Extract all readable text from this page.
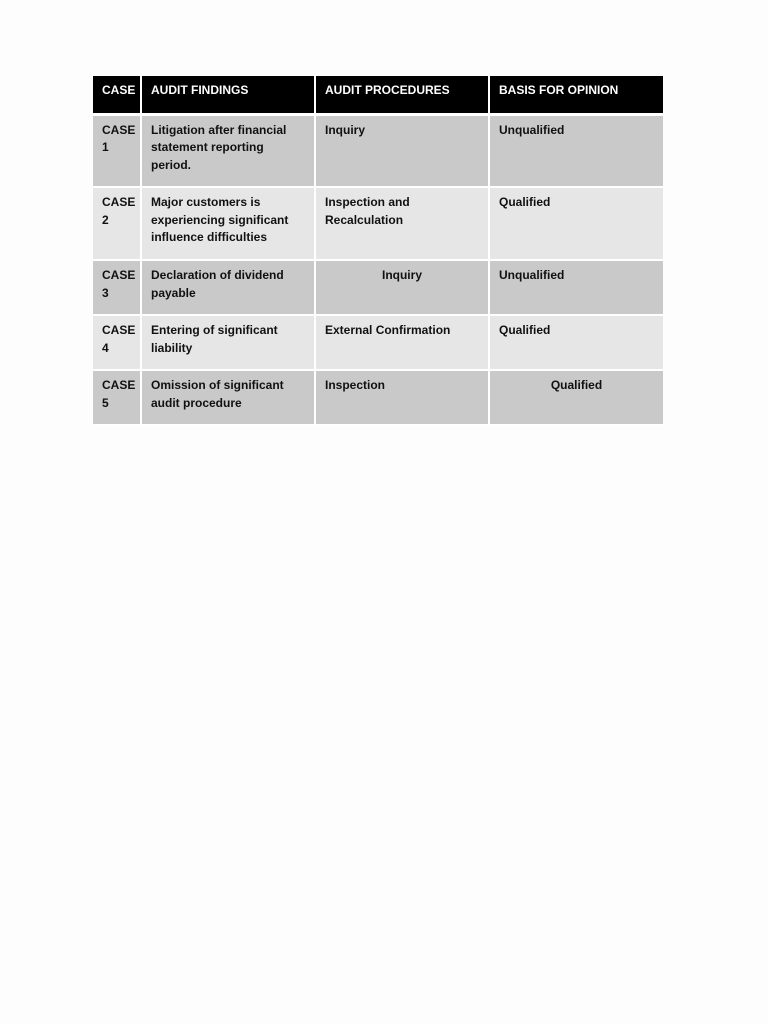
CASE	AUDIT FINDINGS	AUDIT PROCEDURES	BASIS FOR OPINION
CASE 1	Litigation after financial statement reporting period.	Inquiry	Unqualified
CASE 2	Major customers is experiencing significant influence difficulties	Inspection and Recalculation	Qualified
CASE 3	Declaration of dividend payable	Inquiry	Unqualified
CASE 4	Entering of significant liability	External Confirmation	Qualified
CASE 5	Omission of significant audit procedure	Inspection	Qualified
